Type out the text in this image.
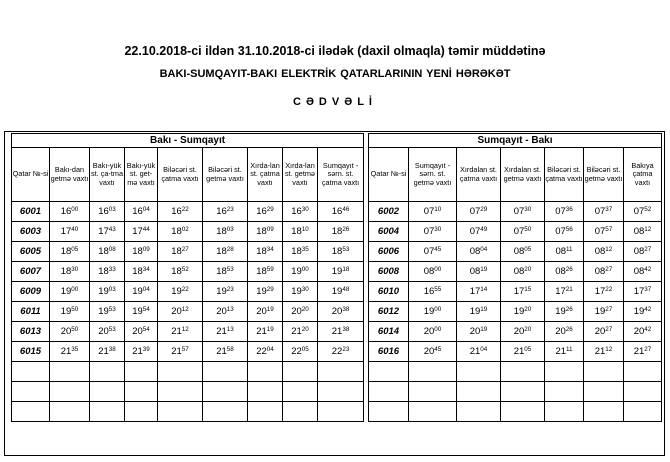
22.10.2018-ci ildən 31.10.2018-ci ilədək (daxil olmaqla) təmir müddətinə
BAKI-SUMQAYIT-BAKI ELEKTRİK QATARLARININ YENİ HƏRƏKƏT
CƏDVƏLİ
Bakı - Sumqayıt								
Qatar №-si	Bakı-dan getmə vaxtı	Bakı-yük st. ça-tma vaxtı	Bakı-yük st. get-mə vaxtı	Biləcəri st. çatma vaxtı	Biləcəri st. getmə vaxtı	Xırda-lan st. çatma vaxtı	Xırda-lan st. getmə vaxtı	Sumqayıt -sərn. st. çatma vaxtı
6001	$16^{00}$	$16^{03}$	$16^{04}$	$16^{22}$	$16^{23}$	$16^{29}$	$16^{30}$	$16^{46}$
6003	$17^{40}$	$17^{43}$	$17^{44}$	$18^{02}$	$18^{03}$	$18^{09}$	$18^{10}$	$18^{26}$
6005	$18^{05}$	$18^{08}$	$18^{09}$	$18^{27}$	$18^{28}$	$18^{34}$	$18^{35}$	$18^{53}$
6007	$18^{30}$	$18^{33}$	$18^{34}$	$18^{52}$	$18^{53}$	$18^{59}$	$19^{00}$	$19^{18}$
6009	$19^{00}$	$19^{03}$	$19^{04}$	$19^{22}$	$19^{23}$	$19^{29}$	$19^{30}$	$19^{48}$
6011	$19^{50}$	$19^{53}$	$19^{54}$	$20^{12}$	$20^{13}$	$20^{19}$	$20^{20}$	$20^{38}$
6013	$20^{50}$	$20^{53}$	$20^{54}$	$21^{12}$	$21^{13}$	$21^{19}$	$21^{20}$	$21^{38}$
6015	$21^{35}$	$21^{38}$	$21^{39}$	$21^{57}$	$21^{58}$	$22^{04}$	$22^{05}$	$22^{23}$

Sumqayıt - Bakı						
Qatar №-si	Sumqayıt -sərn. st. getmə vaxtı	Xırdalan st. çatma vaxtı	Xırdalan st. getmə vaxtı	Biləcəri st. çatma vaxtı	Biləcəri st. getmə vaxtı	Bakıya çatma vaxtı
6002	$07^{10}$	$07^{29}$	$07^{30}$	$07^{36}$	$07^{37}$	$07^{52}$
6004	$07^{30}$	$07^{49}$	$07^{50}$	$07^{56}$	$07^{57}$	$08^{12}$
6006	$07^{45}$	$08^{04}$	$08^{05}$	$08^{11}$	$08^{12}$	$08^{27}$
6008	$08^{00}$	$08^{19}$	$08^{20}$	$08^{26}$	$08^{27}$	$08^{42}$
6010	$16^{55}$	$17^{14}$	$17^{15}$	$17^{21}$	$17^{22}$	$17^{37}$
6012	$19^{00}$	$19^{19}$	$19^{20}$	$19^{26}$	$19^{27}$	$19^{42}$
6014	$20^{00}$	$20^{19}$	$20^{20}$	$20^{26}$	$20^{27}$	$20^{42}$
6016	$20^{45}$	$21^{04}$	$21^{05}$	$21^{11}$	$21^{12}$	$21^{27}$
